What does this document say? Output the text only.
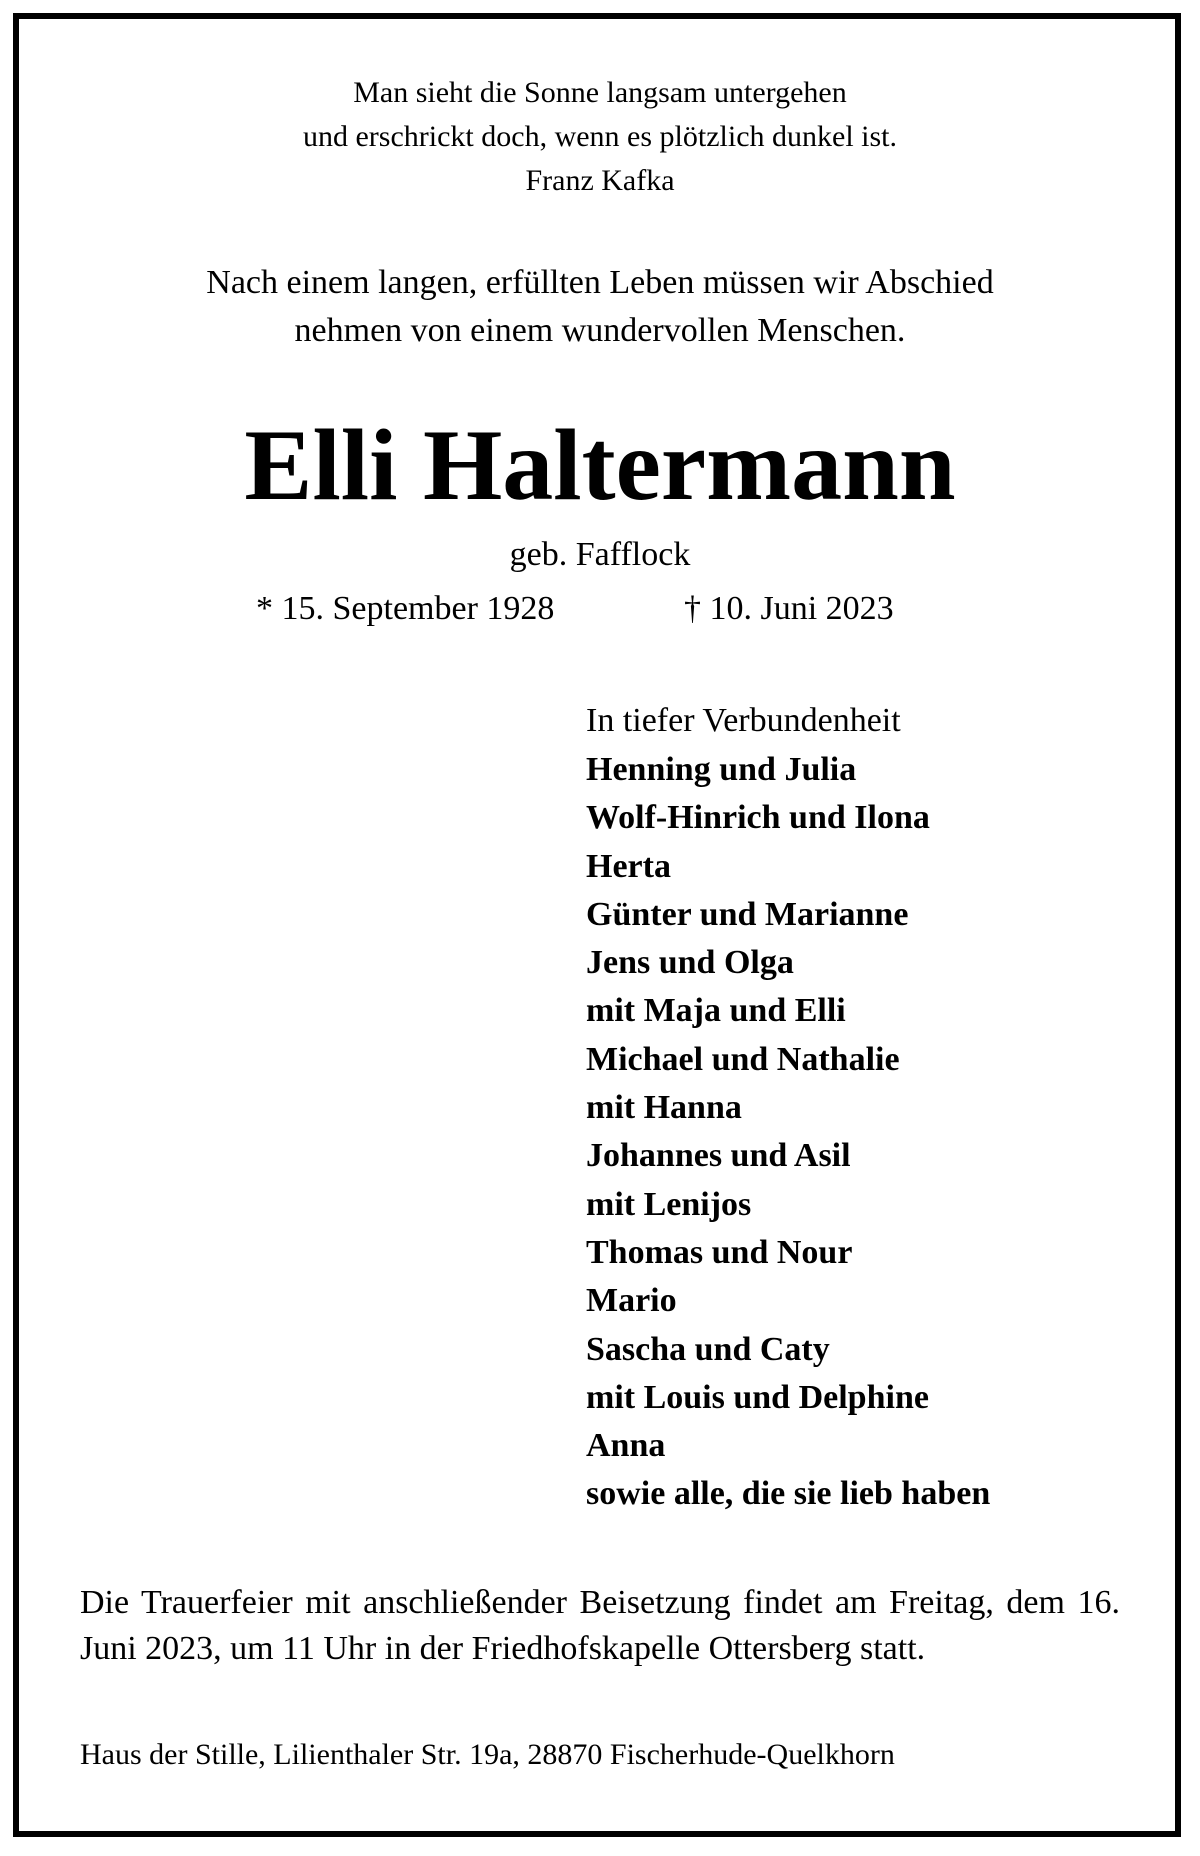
Man sieht die Sonne langsam untergehen
und erschrickt doch, wenn es plötzlich dunkel ist.
Franz Kafka
Nach einem langen, erfüllten Leben müssen wir Abschied
nehmen von einem wundervollen Menschen.
Elli Haltermann
geb. Fafflock
* 15. September 1928	† 10. Juni 2023
In tiefer Verbundenheit
Henning und Julia
Wolf-Hinrich und Ilona
Herta
Günter und Marianne
Jens und Olga
mit Maja und Elli
Michael und Nathalie
mit Hanna
Johannes und Asil
mit Lenijos
Thomas und Nour
Mario
Sascha und Caty
mit Louis und Delphine
Anna
sowie alle, die sie lieb haben
Die Trauerfeier mit anschließender Beisetzung findet am Freitag, dem 16. Juni 2023, um 11 Uhr in der Friedhofskapelle Ottersberg statt.
Haus der Stille, Lilienthaler Str. 19a, 28870 Fischerhude-Quelkhorn
